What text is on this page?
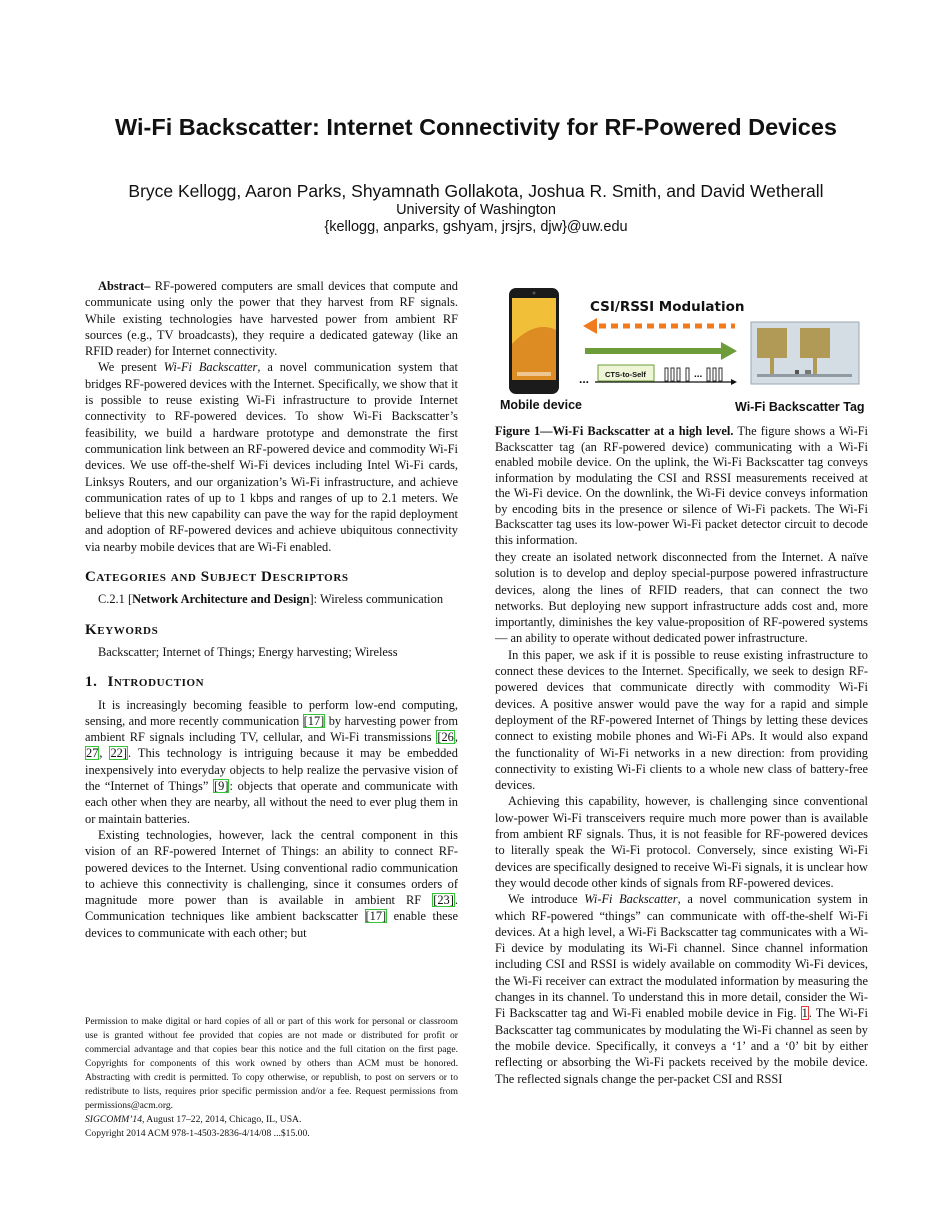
Wi-Fi Backscatter: Internet Connectivity for RF-Powered Devices
Bryce Kellogg, Aaron Parks, Shyamnath Gollakota, Joshua R. Smith, and David Wetherall
University of Washington
{kellogg, anparks, gshyam, jrsjrs, djw}@uw.edu

Abstract– RF-powered computers are small devices that compute and communicate using only the power that they harvest from RF signals. While existing technologies have harvested power from ambient RF sources (e.g., TV broadcasts), they require a dedicated gateway (like an RFID reader) for Internet connectivity.

We present Wi-Fi Backscatter, a novel communication system that bridges RF-powered devices with the Internet. Specifically, we show that it is possible to reuse existing Wi-Fi infrastructure to provide Internet connectivity to RF-powered devices. To show Wi-Fi Backscatter’s feasibility, we build a hardware prototype and demonstrate the first communication link between an RF-powered device and commodity Wi-Fi devices. We use off-the-shelf Wi-Fi devices including Intel Wi-Fi cards, Linksys Routers, and our organization’s Wi-Fi infrastructure, and achieve communication rates of up to 1 kbps and ranges of up to 2.1 meters. We believe that this new capability can pave the way for the rapid deployment and adoption of RF-powered devices and achieve ubiquitous connectivity via nearby mobile devices that are Wi-Fi enabled.

Categories and Subject Descriptors

C.2.1 [Network Architecture and Design]: Wireless communication

Keywords

Backscatter; Internet of Things; Energy harvesting; Wireless

1. Introduction

It is increasingly becoming feasible to perform low-end computing, sensing, and more recently communication [17] by harvesting power from ambient RF signals including TV, cellular, and Wi-Fi transmissions [26, 27, 22]. This technology is intriguing because it may be embedded inexpensively into everyday objects to help realize the pervasive vision of the “Internet of Things” [9]: objects that operate and communicate with each other when they are nearby, all without the need to ever plug them in or maintain batteries.

Existing technologies, however, lack the central component in this vision of an RF-powered Internet of Things: an ability to connect RF-powered devices to the Internet. Using conventional radio communication to achieve this connectivity is challenging, since it consumes orders of magnitude more power than is available in ambient RF [23]. Communication techniques like ambient backscatter [17] enable these devices to communicate with each other; but

Permission to make digital or hard copies of all or part of this work for personal or classroom use is granted without fee provided that copies are not made or distributed for profit or commercial advantage and that copies bear this notice and the full citation on the first page. Copyrights for components of this work owned by others than ACM must be honored. Abstracting with credit is permitted. To copy otherwise, or republish, to post on servers or to redistribute to lists, requires prior specific permission and/or a fee. Request permissions from permissions@acm.org.
SIGCOMM’14, August 17–22, 2014, Chicago, IL, USA.
Copyright 2014 ACM 978-1-4503-2836-4/14/08 ...$15.00.
Mobile device
CSI/RSSI Modulation
... CTS-to-Self	...
Wi-Fi Backscatter Tag
Figure 1—Wi-Fi Backscatter at a high level. The figure shows a Wi-Fi Backscatter tag (an RF-powered device) communicating with a Wi-Fi enabled mobile device. On the uplink, the Wi-Fi Backscatter tag conveys information by modulating the CSI and RSSI measurements received at the Wi-Fi device. On the downlink, the Wi-Fi device conveys information by encoding bits in the presence or silence of Wi-Fi packets. The Wi-Fi Backscatter tag uses its low-power Wi-Fi packet detector circuit to decode this information.

they create an isolated network disconnected from the Internet. A naïve solution is to develop and deploy special-purpose powered infrastructure devices, along the lines of RFID readers, that can connect the two networks. But deploying new support infrastructure adds cost and, more importantly, diminishes the key value-proposition of RF-powered systems — an ability to operate without dedicated power infrastructure.

In this paper, we ask if it is possible to reuse existing infrastructure to connect these devices to the Internet. Specifically, we seek to design RF-powered devices that communicate directly with commodity Wi-Fi devices. A positive answer would pave the way for a rapid and simple deployment of the RF-powered Internet of Things by letting these devices connect to existing mobile phones and Wi-Fi APs. It would also expand the functionality of Wi-Fi networks in a new direction: from providing connectivity to existing Wi-Fi clients to a whole new class of battery-free devices.

Achieving this capability, however, is challenging since conventional low-power Wi-Fi transceivers require much more power than is available from ambient RF signals. Thus, it is not feasible for RF-powered devices to literally speak the Wi-Fi protocol. Conversely, since existing Wi-Fi devices are specifically designed to receive Wi-Fi signals, it is unclear how they would decode other kinds of signals from RF-powered devices.

We introduce Wi-Fi Backscatter, a novel communication system in which RF-powered “things” can communicate with off-the-shelf Wi-Fi devices. At a high level, a Wi-Fi Backscatter tag communicates with a Wi-Fi device by modulating its Wi-Fi channel. Since channel information including CSI and RSSI is widely available on commodity Wi-Fi devices, the Wi-Fi receiver can extract the modulated information by measuring the changes in its channel. To understand this in more detail, consider the Wi-Fi Backscatter tag and Wi-Fi enabled mobile device in Fig. 1. The Wi-Fi Backscatter tag communicates by modulating the Wi-Fi channel as seen by the mobile device. Specifically, it conveys a ‘1’ and a ‘0’ bit by either reflecting or absorbing the Wi-Fi packets received by the mobile device. The reflected signals change the per-packet CSI and RSSI
